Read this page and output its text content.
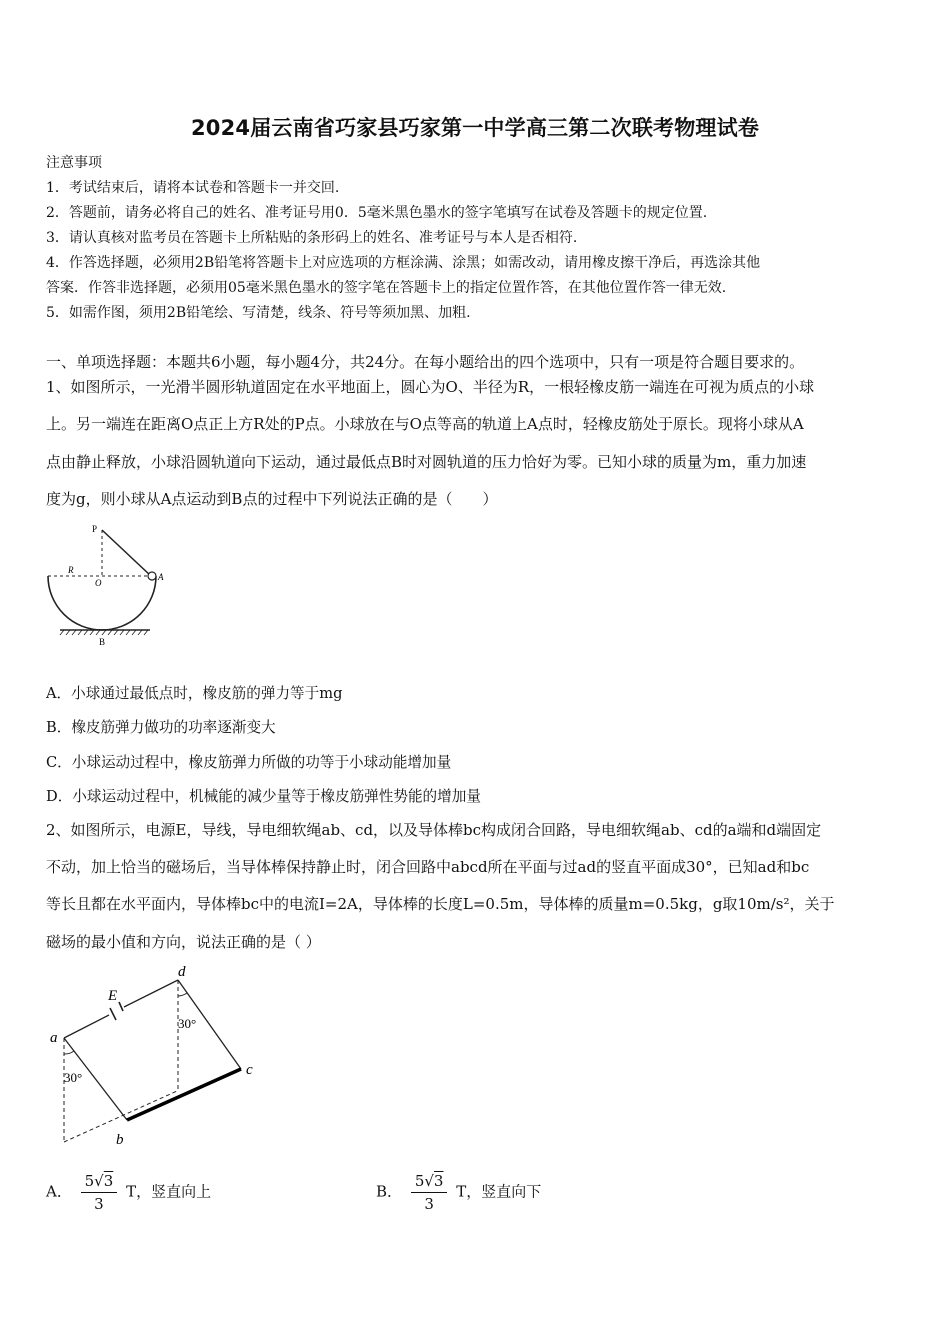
2024届云南省巧家县巧家第一中学高三第二次联考物理试卷
注意事项
1．考试结束后，请将本试卷和答题卡一并交回.
2．答题前，请务必将自己的姓名、准考证号用0．5毫米黑色墨水的签字笔填写在试卷及答题卡的规定位置.
3．请认真核对监考员在答题卡上所粘贴的条形码上的姓名、准考证号与本人是否相符.
4．作答选择题，必须用2B铅笔将答题卡上对应选项的方框涂满、涂黑；如需改动，请用橡皮擦干净后，再选涂其他
答案．作答非选择题，必须用05毫米黑色墨水的签字笔在答题卡上的指定位置作答，在其他位置作答一律无效.
5．如需作图，须用2B铅笔绘、写清楚，线条、符号等须加黑、加粗.
一、单项选择题：本题共6小题，每小题4分，共24分。在每小题给出的四个选项中，只有一项是符合题目要求的。
1、如图所示，一光滑半圆形轨道固定在水平地面上，圆心为O、半径为R，一根轻橡皮筋一端连在可视为质点的小球
上。另一端连在距离O点正上方R处的P点。小球放在与O点等高的轨道上A点时，轻橡皮筋处于原长。现将小球从A
点由静止释放，小球沿圆轨道向下运动，通过最低点B时对圆轨道的压力恰好为零。已知小球的质量为m，重力加速
度为g，则小球从A点运动到B点的过程中下列说法正确的是（　　）
P
R
O
A
B
A．小球通过最低点时，橡皮筋的弹力等于mg
B．橡皮筋弹力做功的功率逐渐变大
C．小球运动过程中，橡皮筋弹力所做的功等于小球动能增加量
D．小球运动过程中，机械能的减少量等于橡皮筋弹性势能的增加量
2、如图所示，电源E，导线，导电细软绳ab、cd，以及导体棒bc构成闭合回路，导电细软绳ab、cd的a端和d端固定
不动，加上恰当的磁场后，当导体棒保持静止时，闭合回路中abcd所在平面与过ad的竖直平面成30°，已知ad和bc
等长且都在水平面内，导体棒bc中的电流I=2A，导体棒的长度L=0.5m，导体棒的质量m=0.5kg，g取10m/s²，关于
磁场的最小值和方向，说法正确的是（ ）
E
a
b
c
d
30°
30°
A． $\frac{5√3}{3}$ T，竖直向上	B． $\frac{5√3}{3}$ T，竖直向下
